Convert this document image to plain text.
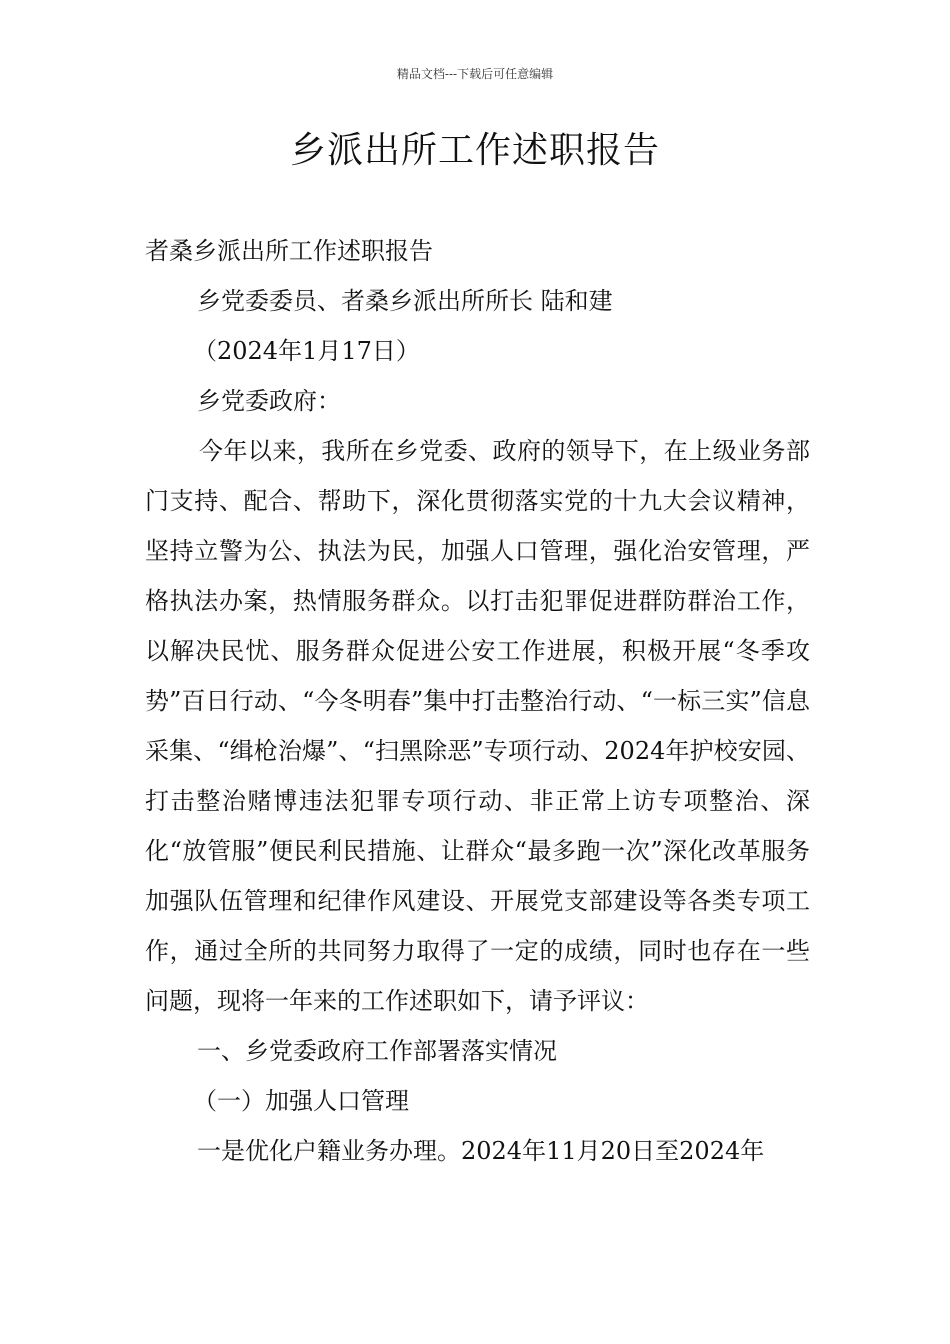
精品文档---下载后可任意编辑
乡派出所工作述职报告
者桑乡派出所工作述职报告
乡党委委员、者桑乡派出所所长 陆和建
（2024年1月17日）
乡党委政府：

今年以来，我所在乡党委、政府的领导下，在上级业务部门支持、配合、帮助下，深化贯彻落实党的十九大会议精神，坚持立警为公、执法为民，加强人口管理，强化治安管理，严格执法办案，热情服务群众。以打击犯罪促进群防群治工作，以解决民忧、服务群众促进公安工作进展，积极开展“冬季攻势”百日行动、“今冬明春”集中打击整治行动、“一标三实”信息采集、“缉枪治爆”、“扫黑除恶”专项行动、2024年护校安园、打击整治赌博违法犯罪专项行动、非正常上访专项整治、深化“放管服”便民利民措施、让群众“最多跑一次”深化改革服务加强队伍管理和纪律作风建设、开展党支部建设等各类专项工作，通过全所的共同努力取得了一定的成绩，同时也存在一些问题，现将一年来的工作述职如下，请予评议：

一、乡党委政府工作部署落实情况
（一）加强人口管理
一是优化户籍业务办理。2024年11月20日至2024年
